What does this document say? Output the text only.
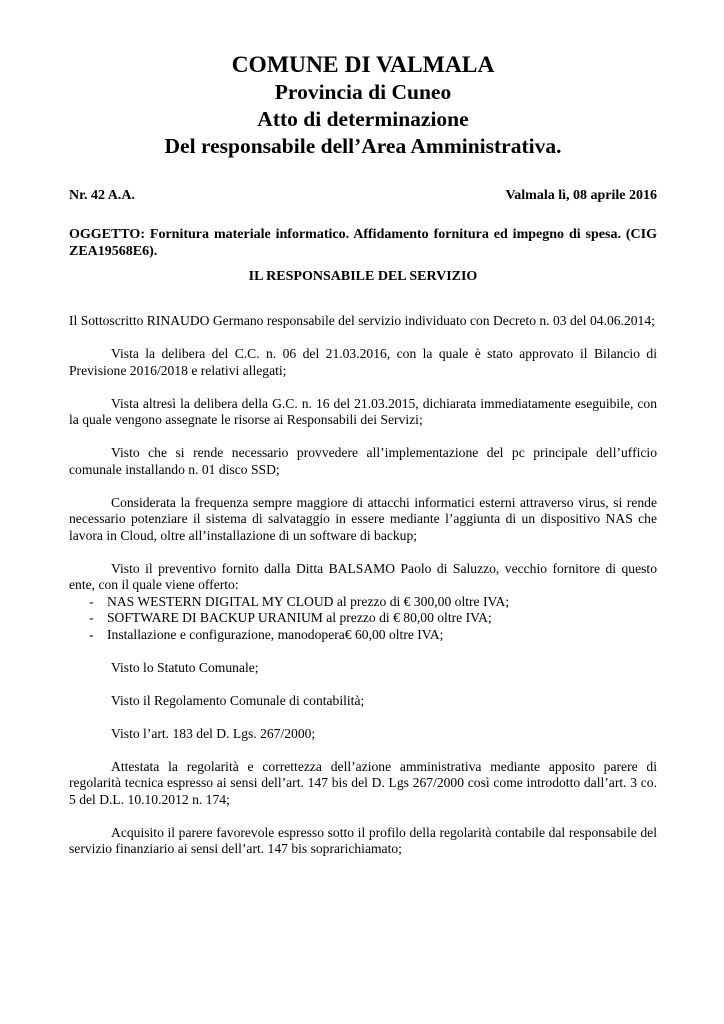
COMUNE DI VALMALA
Provincia di Cuneo
Atto di determinazione
Del responsabile dell’Area Amministrativa.
Nr. 42 A.A.	Valmala lì, 08 aprile 2016
OGGETTO: Fornitura materiale informatico. Affidamento fornitura ed impegno di spesa. (CIG ZEA19568E6).
IL RESPONSABILE DEL SERVIZIO

Il Sottoscritto RINAUDO Germano responsabile del servizio individuato con Decreto n. 03 del 04.06.2014;

Vista la delibera del C.C. n. 06 del 21.03.2016, con la quale è stato approvato il Bilancio di Previsione 2016/2018 e relativi allegati;

Vista altresì la delibera della G.C. n. 16 del 21.03.2015, dichiarata immediatamente eseguibile, con la quale vengono assegnate le risorse ai Responsabili dei Servizi;

Visto che si rende necessario provvedere all’implementazione del pc principale dell’ufficio comunale installando n. 01 disco SSD;

Considerata la frequenza sempre maggiore di attacchi informatici esterni attraverso virus, si rende necessario potenziare il sistema di salvataggio in essere mediante l’aggiunta di un dispositivo NAS che lavora in Cloud, oltre all’installazione di un software di backup;

Visto il preventivo fornito dalla Ditta BALSAMO Paolo di Saluzzo, vecchio fornitore di questo ente, con il quale viene offerto:

- NAS WESTERN DIGITAL MY CLOUD al prezzo di € 300,00 oltre IVA;
- SOFTWARE DI BACKUP URANIUM al prezzo di € 80,00 oltre IVA;
- Installazione e configurazione, manodopera€ 60,00 oltre IVA;

Visto lo Statuto Comunale;

Visto il Regolamento Comunale di contabilità;

Visto l’art. 183 del D. Lgs. 267/2000;

Attestata la regolarità e correttezza dell’azione amministrativa mediante apposito parere di regolarità tecnica espresso ai sensi dell’art. 147 bis del D. Lgs 267/2000 così come introdotto dall’art. 3 co. 5 del D.L. 10.10.2012 n. 174;

Acquisito il parere favorevole espresso sotto il profilo della regolarità contabile dal responsabile del servizio finanziario ai sensi dell’art. 147 bis soprarichiamato;
